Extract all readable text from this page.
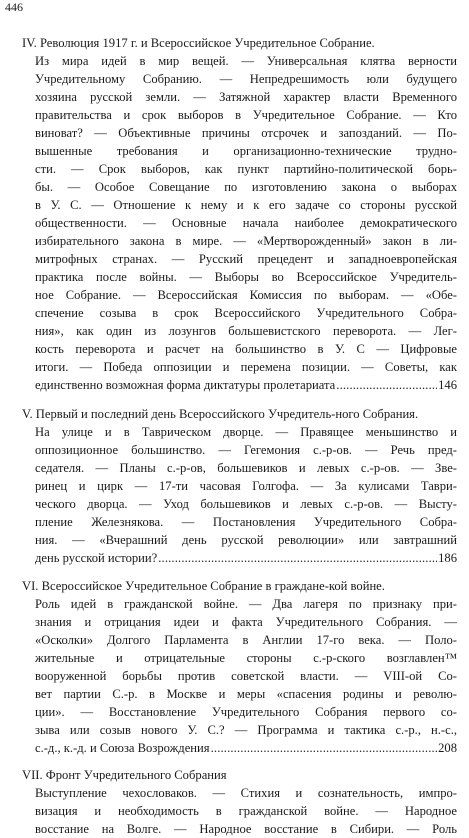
446
IV. Революция 1917 г. и Всероссийское Учредительное Собрание.
Из мира идей в мир вещей. — Универсальная клятва верности
Учредительному Собранию. — Непредрешимость юли будущего
хозяина русской земли. — Затяжной характер власти Временного
правительства и срок выборов в Учредительное Собрание. — Кто
виноват? — Объективные причины отсрочек и запозданий. — По-
вышенные требования и организационно-технические трудно-
сти. — Срок выборов, как пункт партийно-политической борь-
бы. — Особое Совещание по изготовлению закона о выборах
в У. С. — Отношение к нему и к его задаче со стороны русской
общественности. — Основные начала наиболее демократического
избирательного закона в мире. — «Мертворожденный» закон в ли-
митрофных странах. — Русский прецедент и западноевропейская
практика после войны. — Выборы во Всероссийское Учредитель-
ное Собрание. — Всероссийская Комиссия по выборам. — «Обе-
спечение созыва в срок Всероссийского Учредительного Собра-
ния», как один из лозунгов большевистского переворота. — Лег-
кость переворота и расчет на большинство в У. С — Цифровые
итоги. — Победа оппозиции и перемена позиции. — Советы, как
единственно возможная форма диктатуры пролетариата . . .	146
V. Первый и последний день Всероссийского Учредитель-ного Собрания.
На улице и в Таврическом дворце. — Правящее меньшинство и
оппозиционное большинство. — Гегемония с.-р-ов. — Речь пред-
седателя. — Планы с.-р-ов, большевиков и левых с.-р-ов. — Зве-
ринец и цирк — 17-ти часовая Голгофа. — За кулисами Таври-
ческого дворца. — Уход большевиков и левых с.-р-ов. — Высту-
пление Железнякова. — Постановления Учредительного Собра-
ния. — «Вчерашний день русской революции» или завтрашний
день русской истории? . . .	186
VI. Всероссийское Учредительное Собрание в граждане-кой войне.
Роль идей в гражданской войне. — Два лагеря по признаку при-
знания и отрицания идеи и факта Учредительного Собрания. —
«Осколки» Долгого Парламента в Англии 17-го века. — Поло-
жительные и отрицательные стороны с.-р-ского возглавлен™
вооруженной борьбы против советской власти. — VIII-ой Со-
вет партии С.-р. в Москве и меры «спасения родины и револю-
ции». — Восстановление Учредительного Собрания первого со-
зыва или созыв нового У. С.? — Программа и тактика с.-р., н.-с.,
с.-д., к.-д. и Союза Возрождения . . .	208
VII. Фронт Учредительного Собрания
Выступление чехословаков. — Стихия и сознательность, импро-
визация и необходимость в гражданской войне. — Народное
восстание на Волге. — Народное восстание в Сибири. — Роль
